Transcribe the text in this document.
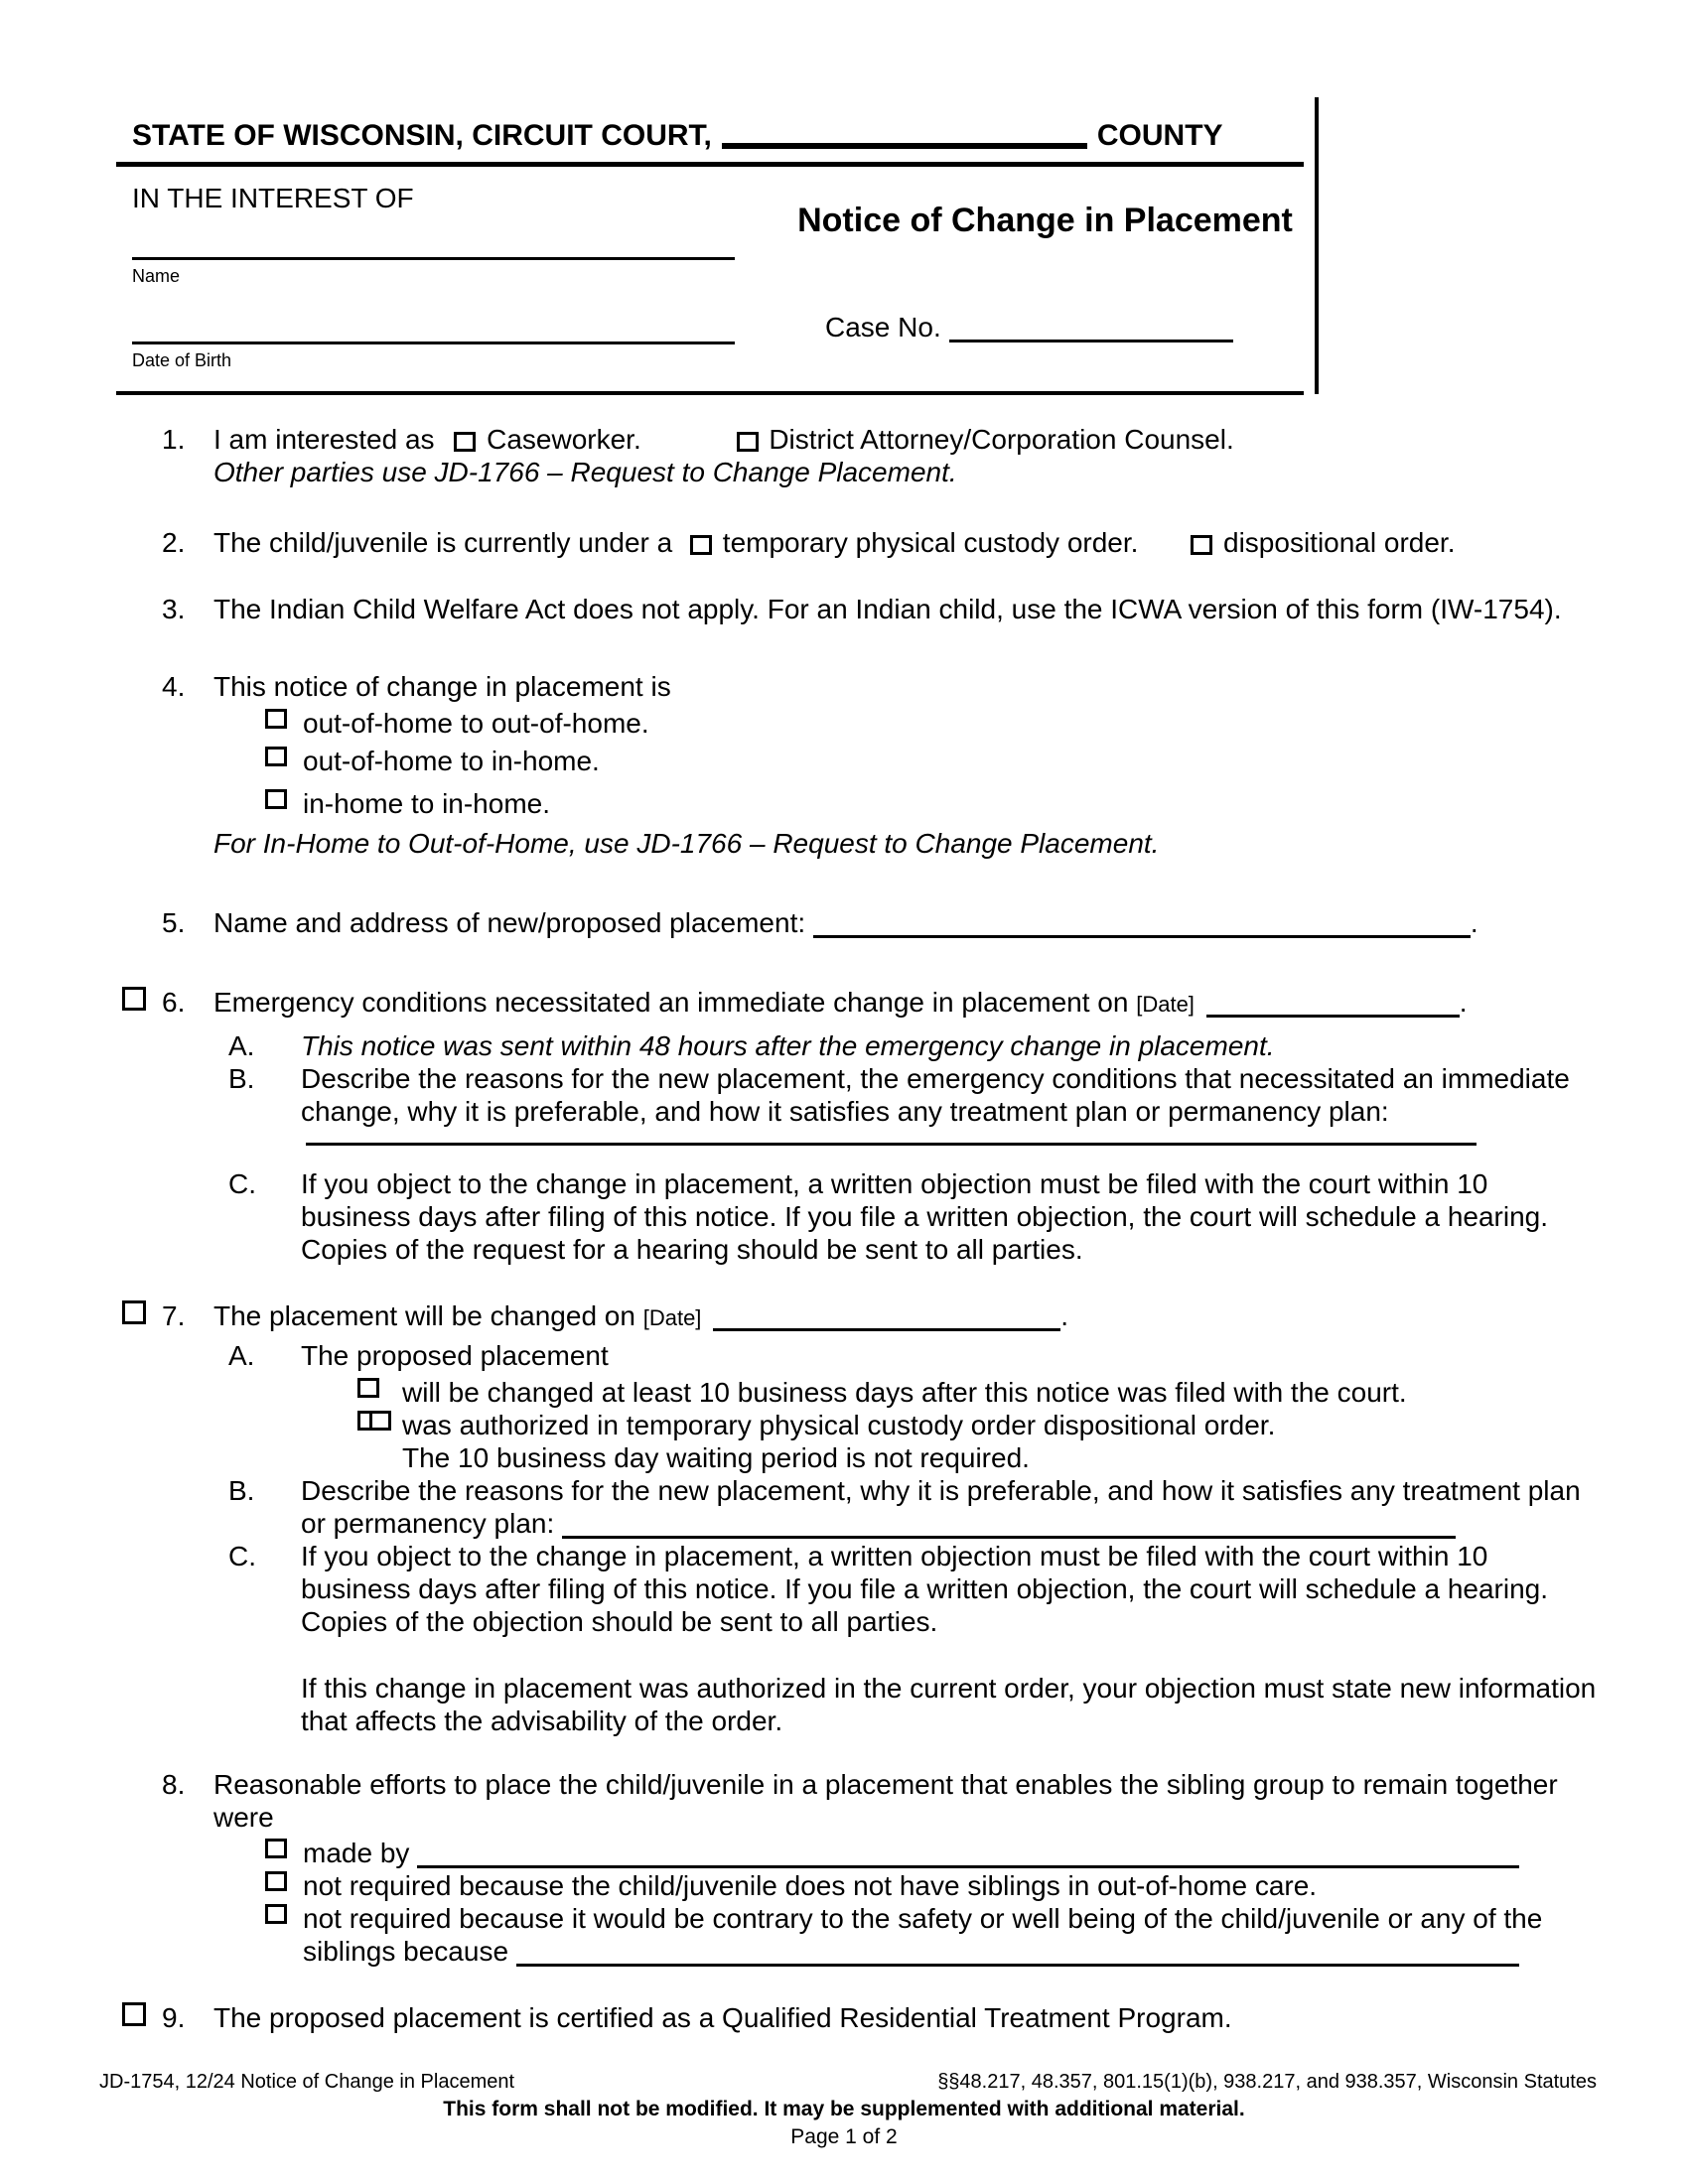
STATE OF WISCONSIN, CIRCUIT COURT,	COUNTY
IN THE INTEREST OF
Notice of Change in Placement
Name
Case No.
Date of Birth
1. I am interested as Caseworker.	District Attorney/Corporation Counsel.
Other parties use JD-1766 – Request to Change Placement.
2. The child/juvenile is currently under a temporary physical custody order.	dispositional order.
3. The Indian Child Welfare Act does not apply. For an Indian child, use the ICWA version of this form (IW-1754).
4. This notice of change in placement is
out-of-home to out-of-home.
out-of-home to in-home.
in-home to in-home.
For In-Home to Out-of-Home, use JD-1766 – Request to Change Placement.
5. Name and address of new/proposed placement:	.
6. Emergency conditions necessitated an immediate change in placement on [Date]	.
A. This notice was sent within 48 hours after the emergency change in placement.
B. Describe the reasons for the new placement, the emergency conditions that necessitated an immediate
change, why it is preferable, and how it satisfies any treatment plan or permanency plan:
C. If you object to the change in placement, a written objection must be filed with the court within 10
business days after filing of this notice. If you file a written objection, the court will schedule a hearing.
Copies of the request for a hearing should be sent to all parties.
7. The placement will be changed on [Date]	.
A. The proposed placement
will be changed at least 10 business days after this notice was filed with the court.
was authorized in temporary physical custody order dispositional order.
The 10 business day waiting period is not required.
B. Describe the reasons for the new placement, why it is preferable, and how it satisfies any treatment plan
or permanency plan:
C. If you object to the change in placement, a written objection must be filed with the court within 10
business days after filing of this notice. If you file a written objection, the court will schedule a hearing.
Copies of the objection should be sent to all parties.
If this change in placement was authorized in the current order, your objection must state new information
that affects the advisability of the order.
8. Reasonable efforts to place the child/juvenile in a placement that enables the sibling group to remain together
were
made by
not required because the child/juvenile does not have siblings in out-of-home care.
not required because it would be contrary to the safety or well being of the child/juvenile or any of the
siblings because
9. The proposed placement is certified as a Qualified Residential Treatment Program.
JD-1754, 12/24 Notice of Change in Placement	§§48.217, 48.357, 801.15(1)(b), 938.217, and 938.357, Wisconsin Statutes
This form shall not be modified. It may be supplemented with additional material.
Page 1 of 2
